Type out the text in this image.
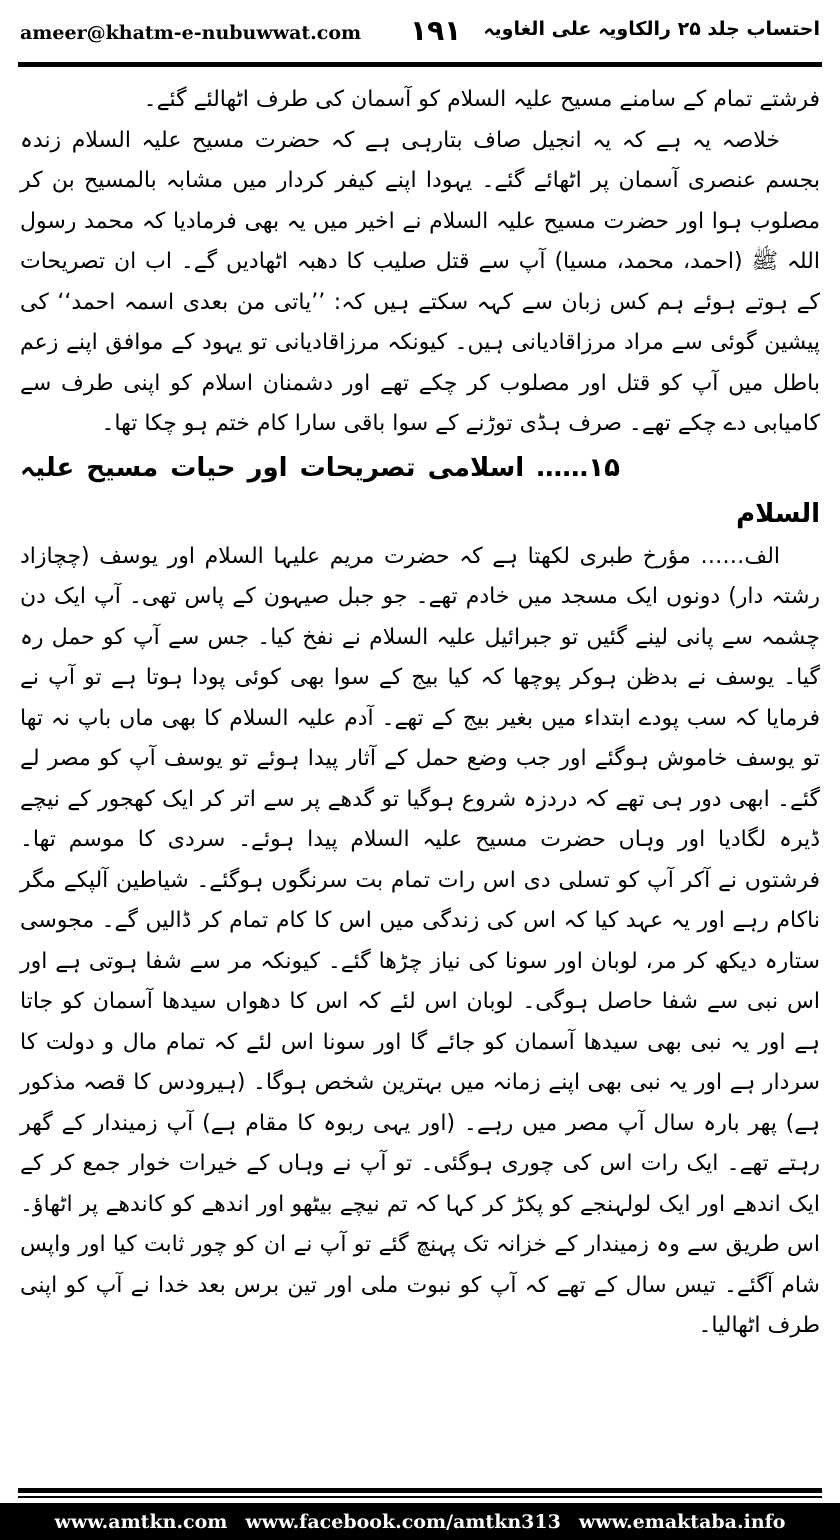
ameer@khatm-e-nubuwwat.com ۱۹۱ احتساب جلد ۲۵ رالکاویہ علی الغاویہ

فرشتے تمام کے سامنے مسیح علیہ السلام کو آسمان کی طرف اٹھالئے گئے۔

خلاصہ یہ ہے کہ یہ انجیل صاف بتارہی ہے کہ حضرت مسیح علیہ السلام زندہ بجسم عنصری آسمان پر اٹھائے گئے۔ یہودا اپنے کیفر کردار میں مشابہ بالمسیح بن کر مصلوب ہوا اور حضرت مسیح علیہ السلام نے اخیر میں یہ بھی فرمادیا کہ محمد رسول اللہ ﷺ (احمد، محمد، مسیا) آپ سے قتل صلیب کا دھبہ اٹھادیں گے۔ اب ان تصریحات کے ہوتے ہوئے ہم کس زبان سے کہہ سکتے ہیں کہ: ’’یاتی من بعدی اسمہ احمد‘‘ کی پیشین گوئی سے مراد مرزاقادیانی ہیں۔ کیونکہ مرزاقادیانی تو یہود کے موافق اپنے زعم باطل میں آپ کو قتل اور مصلوب کر چکے تھے اور دشمنان اسلام کو اپنی طرف سے کامیابی دے چکے تھے۔ صرف ہڈی توڑنے کے سوا باقی سارا کام ختم ہو چکا تھا۔

۱۵…… اسلامی تصریحات اور حیات مسیح علیہ السلام

الف…… مؤرخ طبری لکھتا ہے کہ حضرت مریم علیہا السلام اور یوسف (چچازاد رشتہ دار) دونوں ایک مسجد میں خادم تھے۔ جو جبل صیہون کے پاس تھی۔ آپ ایک دن چشمہ سے پانی لینے گئیں تو جبرائیل علیہ السلام نے نفخ کیا۔ جس سے آپ کو حمل رہ گیا۔ یوسف نے بدظن ہوکر پوچھا کہ کیا بیج کے سوا بھی کوئی پودا ہوتا ہے تو آپ نے فرمایا کہ سب پودے ابتداء میں بغیر بیج کے تھے۔ آدم علیہ السلام کا بھی ماں باپ نہ تھا تو یوسف خاموش ہوگئے اور جب وضع حمل کے آثار پیدا ہوئے تو یوسف آپ کو مصر لے گئے۔ ابھی دور ہی تھے کہ دردزہ شروع ہوگیا تو گدھے پر سے اتر کر ایک کھجور کے نیچے ڈیرہ لگادیا اور وہاں حضرت مسیح علیہ السلام پیدا ہوئے۔ سردی کا موسم تھا۔ فرشتوں نے آکر آپ کو تسلی دی اس رات تمام بت سرنگوں ہوگئے۔ شیاطین آلپکے مگر ناکام رہے اور یہ عہد کیا کہ اس کی زندگی میں اس کا کام تمام کر ڈالیں گے۔ مجوسی ستارہ دیکھ کر مر، لوبان اور سونا کی نیاز چڑھا گئے۔ کیونکہ مر سے شفا ہوتی ہے اور اس نبی سے شفا حاصل ہوگی۔ لوبان اس لئے کہ اس کا دھواں سیدھا آسمان کو جاتا ہے اور یہ نبی بھی سیدھا آسمان کو جائے گا اور سونا اس لئے کہ تمام مال و دولت کا سردار ہے اور یہ نبی بھی اپنے زمانہ میں بہترین شخص ہوگا۔ (ہیرودس کا قصہ مذکور ہے) پھر بارہ سال آپ مصر میں رہے۔ (اور یہی ربوہ کا مقام ہے) آپ زمیندار کے گھر رہتے تھے۔ ایک رات اس کی چوری ہوگئی۔ تو آپ نے وہاں کے خیرات خوار جمع کر کے ایک اندھے اور ایک لولہنجے کو پکڑ کر کہا کہ تم نیچے بیٹھو اور اندھے کو کاندھے پر اٹھاؤ۔ اس طریق سے وہ زمیندار کے خزانہ تک پہنچ گئے تو آپ نے ان کو چور ثابت کیا اور واپس شام آگئے۔ تیس سال کے تھے کہ آپ کو نبوت ملی اور تین برس بعد خدا نے آپ کو اپنی طرف اٹھالیا۔

www.amtkn.com www.facebook.com/amtkn313 www.emaktaba.info
